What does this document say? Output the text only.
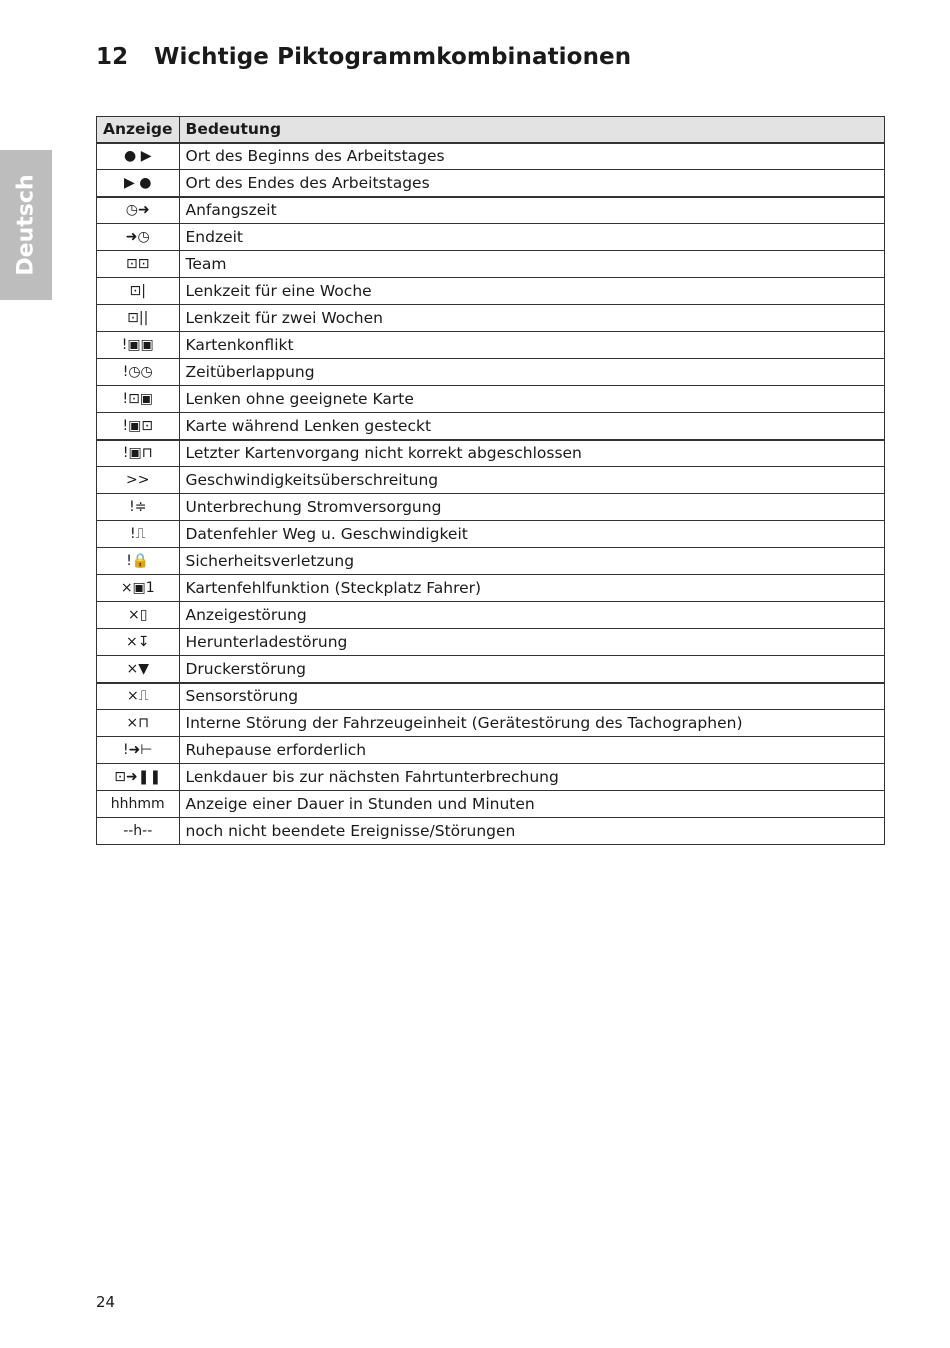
12 Wichtige Piktogrammkombinationen
Deutsch
Anzeige	Bedeutung
● ▶	Ort des Beginns des Arbeitstages
▶ ●	Ort des Endes des Arbeitstages
◷➜	Anfangszeit
➜◷	Endzeit
⊡⊡	Team
⊡|	Lenkzeit für eine Woche
⊡||	Lenkzeit für zwei Wochen
!▣▣	Kartenkonflikt
!◷◷	Zeitüberlappung
!⊡▣	Lenken ohne geeignete Karte
!▣⊡	Karte während Lenken gesteckt
!▣⊓	Letzter Kartenvorgang nicht korrekt abgeschlossen
>>	Geschwindigkeitsüberschreitung
!≑	Unterbrechung Stromversorgung
!⎍	Datenfehler Weg u. Geschwindigkeit
!🔒	Sicherheitsverletzung
×▣1	Kartenfehlfunktion (Steckplatz Fahrer)
×▯	Anzeigestörung
×↧	Herunterladestörung
×▼	Druckerstörung
×⎍	Sensorstörung
×⊓	Interne Störung der Fahrzeugeinheit (Gerätestörung des Tachographen)
!➜⊢	Ruhepause erforderlich
⊡➜❚❚	Lenkdauer bis zur nächsten Fahrtunterbrechung
hhhmm	Anzeige einer Dauer in Stunden und Minuten
--h--	noch nicht beendete Ereignisse/Störungen
24
